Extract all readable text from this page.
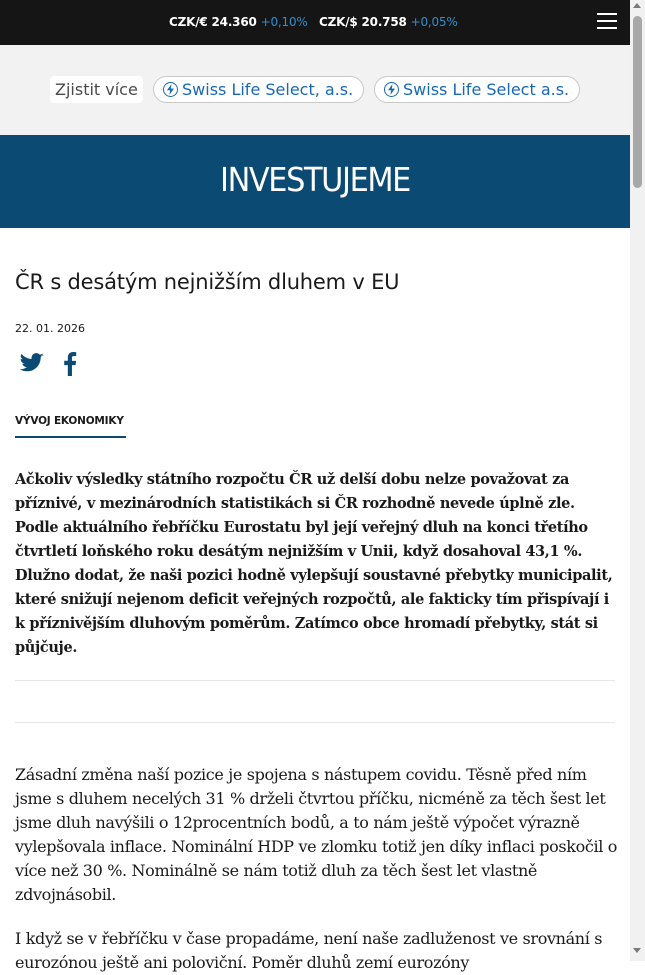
CZK/€ 24.360 +0,10% CZK/$ 20.758 +0,05%
Zjistit více	Swiss Life Select, a.s.	Swiss Life Select a.s.
INVESTUJEME
ČR s desátým nejnižším dluhem v EU
22. 01. 2026
VÝVOJ EKONOMIKY

Ačkoliv výsledky státního rozpočtu ČR už delší dobu nelze považovat za příznivé, v mezinárodních statistikách si ČR rozhodně nevede úplně zle. Podle aktuálního řebříčku Eurostatu byl její veřejný dluh na konci třetího čtvrtletí loňského roku desátým nejnižším v Unii, když dosahoval 43,1 %. Dlužno dodat, že naši pozici hodně vylepšují soustavné přebytky municipalit, které snižují nejenom deficit veřejných rozpočtů, ale fakticky tím přispívají i k příznivějším dluhovým poměrům. Zatímco obce hromadí přebytky, stát si půjčuje.

Zásadní změna naší pozice je spojena s nástupem covidu. Těsně před ním jsme s dluhem necelých 31 % drželi čtvrtou příčku, nicméně za těch šest let jsme dluh navýšili o 12procentních bodů, a to nám ještě výpočet výrazně vylepšovala inflace. Nominální HDP ve zlomku totiž jen díky inflaci poskočil o více než 30 %. Nominálně se nám totiž dluh za těch šest let vlastně zdvojnásobil.

I když se v řebříčku v čase propadáme, není naše zadluženost ve srovnání s eurozónou ještě ani poloviční. Poměr dluhů zemí eurozóny
